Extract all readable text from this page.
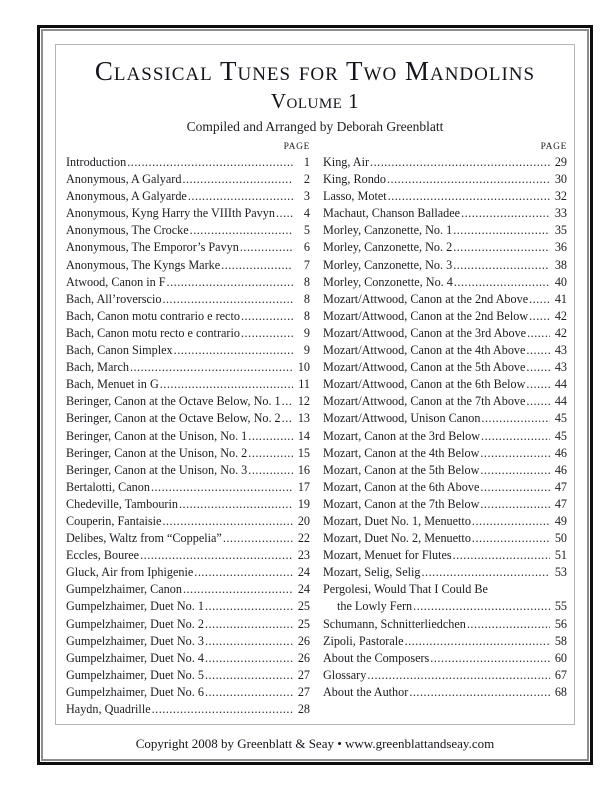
Classical Tunes for Two Mandolins
Volume 1
Compiled and Arranged by Deborah Greenblatt
PAGE
Introduction .....	1
Anonymous, A Galyard .....	2
Anonymous, A Galyarde .....	3
Anonymous, Kyng Harry the VIIIth Pavyn .....	4
Anonymous, The Crocke .....	5
Anonymous, The Emporor’s Pavyn .....	6
Anonymous, The Kyngs Marke .....	7
Atwood, Canon in F .....	8
Bach, All’roverscio .....	8
Bach, Canon motu contrario e recto .....	8
Bach, Canon motu recto e contrario .....	9
Bach, Canon Simplex .....	9
Bach, March .....	10
Bach, Menuet in G .....	11
Beringer, Canon at the Octave Below, No. 1 .....	12
Beringer, Canon at the Octave Below, No. 2 .....	13
Beringer, Canon at the Unison, No. 1 .....	14
Beringer, Canon at the Unison, No. 2 .....	15
Beringer, Canon at the Unison, No. 3 .....	16
Bertalotti, Canon .....	17
Chedeville, Tambourin .....	19
Couperin, Fantaisie .....	20
Delibes, Waltz from “Coppelia” .....	22
Eccles, Bouree .....	23
Gluck, Air from Iphigenie .....	24
Gumpelzhaimer, Canon .....	24
Gumpelzhaimer, Duet No. 1 .....	25
Gumpelzhaimer, Duet No. 2 .....	25
Gumpelzhaimer, Duet No. 3 .....	26
Gumpelzhaimer, Duet No. 4 .....	26
Gumpelzhaimer, Duet No. 5 .....	27
Gumpelzhaimer, Duet No. 6 .....	27
Haydn, Quadrille .....	28
PAGE
King, Air .....	29
King, Rondo .....	30
Lasso, Motet .....	32
Machaut, Chanson Balladee .....	33
Morley, Canzonette, No. 1 .....	35
Morley, Canzonette, No. 2 .....	36
Morley, Canzonette, No. 3 .....	38
Morley, Conzonette, No. 4 .....	40
Mozart/Attwood, Canon at the 2nd Above .....	41
Mozart/Attwood, Canon at the 2nd Below .....	42
Mozart/Attwood, Canon at the 3rd Above .....	42
Mozart/Attwood, Canon at the 4th Above .....	43
Mozart/Attwood, Canon at the 5th Above .....	43
Mozart/Attwood, Canon at the 6th Below .....	44
Mozart/Attwood, Canon at the 7th Above .....	44
Mozart/Attwood, Unison Canon .....	45
Mozart, Canon at the 3rd Below .....	45
Mozart, Canon at the 4th Below .....	46
Mozart, Canon at the 5th Below .....	46
Mozart, Canon at the 6th Above .....	47
Mozart, Canon at the 7th Below .....	47
Mozart, Duet No. 1, Menuetto .....	49
Mozart, Duet No. 2, Menuetto .....	50
Mozart, Menuet for Flutes .....	51
Mozart, Selig, Selig .....	53
Pergolesi, Would That I Could Be
the Lowly Fern .....	55
Schumann, Schnitterliedchen .....	56
Zipoli, Pastorale .....	58
About the Composers .....	60
Glossary .....	67
About the Author .....	68
Copyright 2008 by Greenblatt & Seay • www.greenblattandseay.com
